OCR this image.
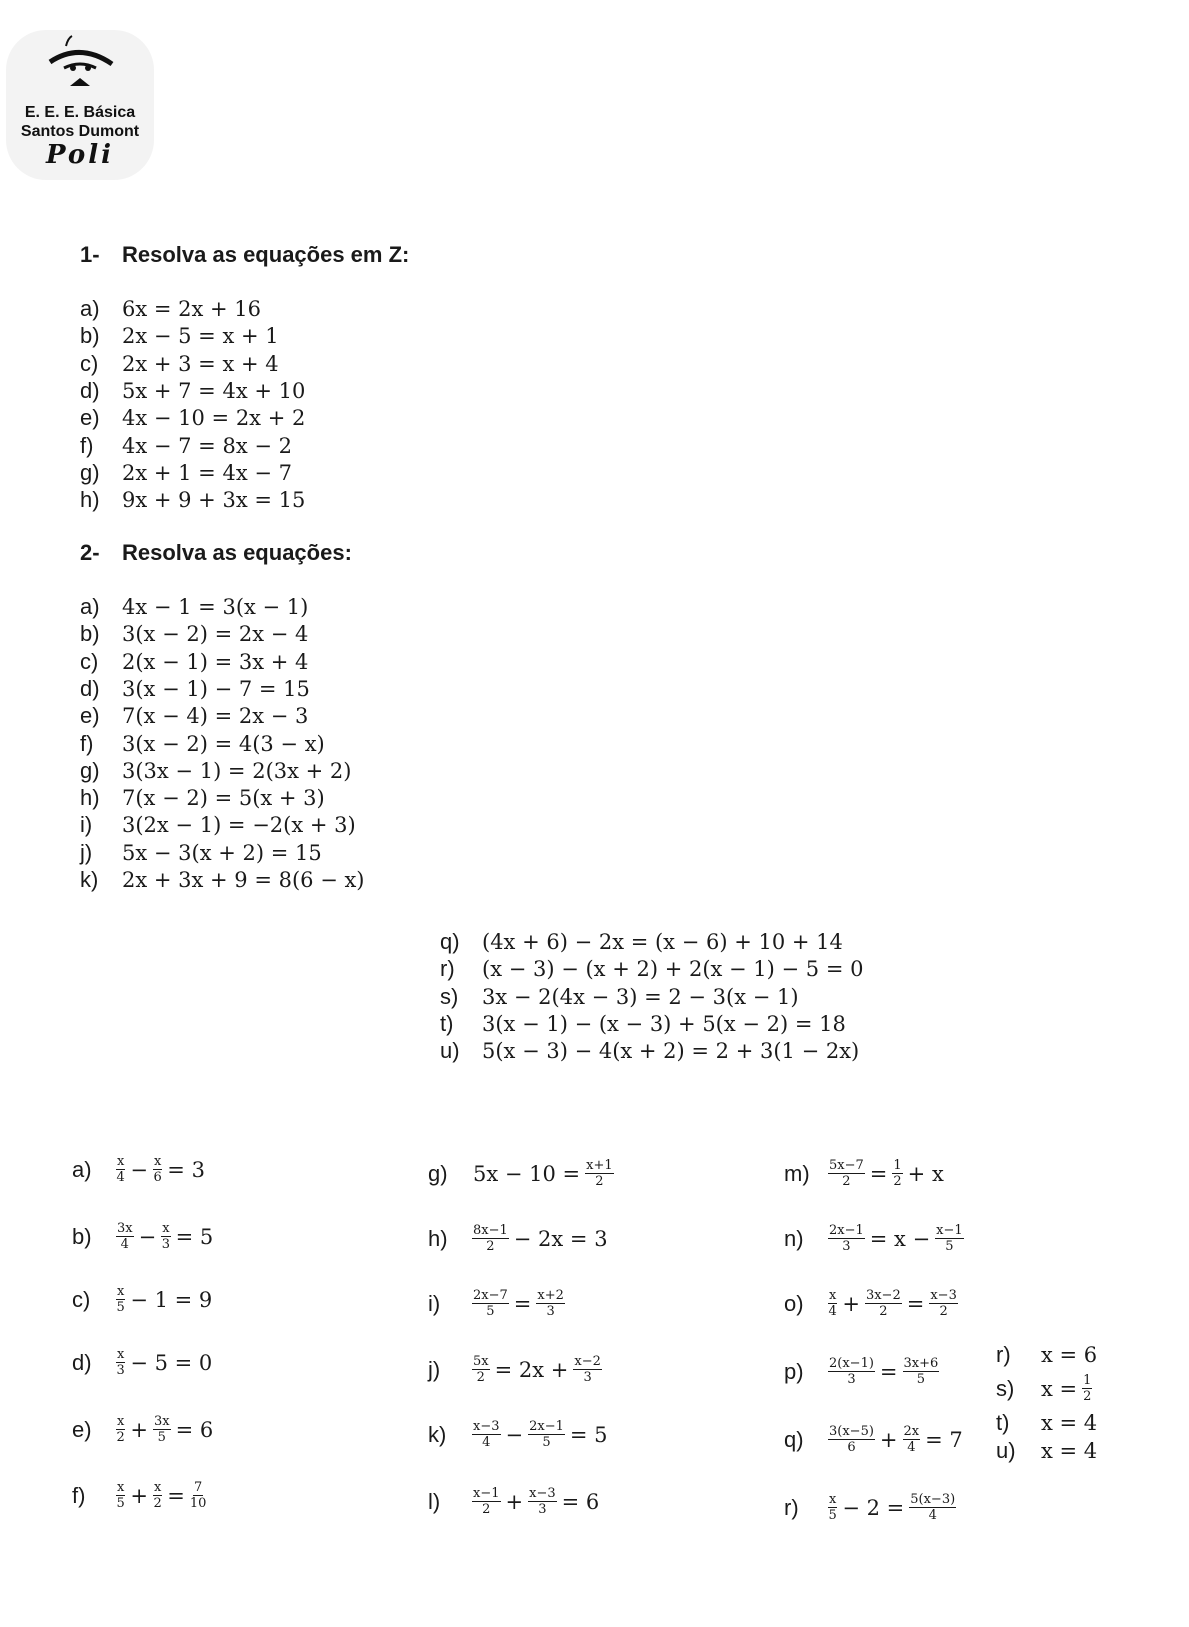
E. E. E. Básica
Santos Dumont
Poli
1- Resolva as equações em Z:
a) 6x = 2x + 16
b) 2x − 5 = x + 1
c) 2x + 3 = x + 4
d) 5x + 7 = 4x + 10
e) 4x − 10 = 2x + 2
f) 4x − 7 = 8x − 2
g) 2x + 1 = 4x − 7
h) 9x + 9 + 3x = 15
2- Resolva as equações:
a) 4x − 1 = 3(x − 1)
b) 3(x − 2) = 2x − 4
c) 2(x − 1) = 3x + 4
d) 3(x − 1) − 7 = 15
e) 7(x − 4) = 2x − 3
f) 3(x − 2) = 4(3 − x)
g) 3(3x − 1) = 2(3x + 2)
h) 7(x − 2) = 5(x + 3)
i) 3(2x − 1) = −2(x + 3)
j) 5x − 3(x + 2) = 15
k) 2x + 3x + 9 = 8(6 − x)
q) (4x + 6) − 2x = (x − 6) + 10 + 14
r) (x − 3) − (x + 2) + 2(x − 1) − 5 = 0
s) 3x − 2(4x − 3) = 2 − 3(x − 1)
t) 3(x − 1) − (x − 3) + 5(x − 2) = 18
u) 5(x − 3) − 4(x + 2) = 2 + 3(1 − 2x)
a)	$\frac{x}{4} - \frac{x}{6} = 3$
b)	$\frac{3x}{4} - \frac{x}{3} = 5$
c)	$\frac{x}{5} - 1 = 9$
d)	$\frac{x}{3} - 5 = 0$
e)	$\frac{x}{2} + \frac{3x}{5} = 6$
f)	$\frac{x}{5} + \frac{x}{2} = \frac{7}{10}$
g)	$5x - 10 = \frac{x+1}{2}$
h)	$\frac{8x-1}{2} - 2x = 3$
i)	$\frac{2x-7}{5} = \frac{x+2}{3}$
j)	$\frac{5x}{2} = 2x + \frac{x-2}{3}$
k)	$\frac{x-3}{4} - \frac{2x-1}{5} = 5$
l)	$\frac{x-1}{2} + \frac{x-3}{3} = 6$
m)	$\frac{5x-7}{2} = \frac{1}{2} + x$
n)	$\frac{2x-1}{3} = x - \frac{x-1}{5}$
o)	$\frac{x}{4} + \frac{3x-2}{2} = \frac{x-3}{2}$
p)	$\frac{2(x-1)}{3} = \frac{3x+6}{5}$
q)	$\frac{3(x-5)}{6} + \frac{2x}{4} = 7$
r)	$\frac{x}{5} - 2 = \frac{5(x-3)}{4}$
r)	x = 6
s)	$x = \frac{1}{2}$
t)	x = 4
u)	x = 4
